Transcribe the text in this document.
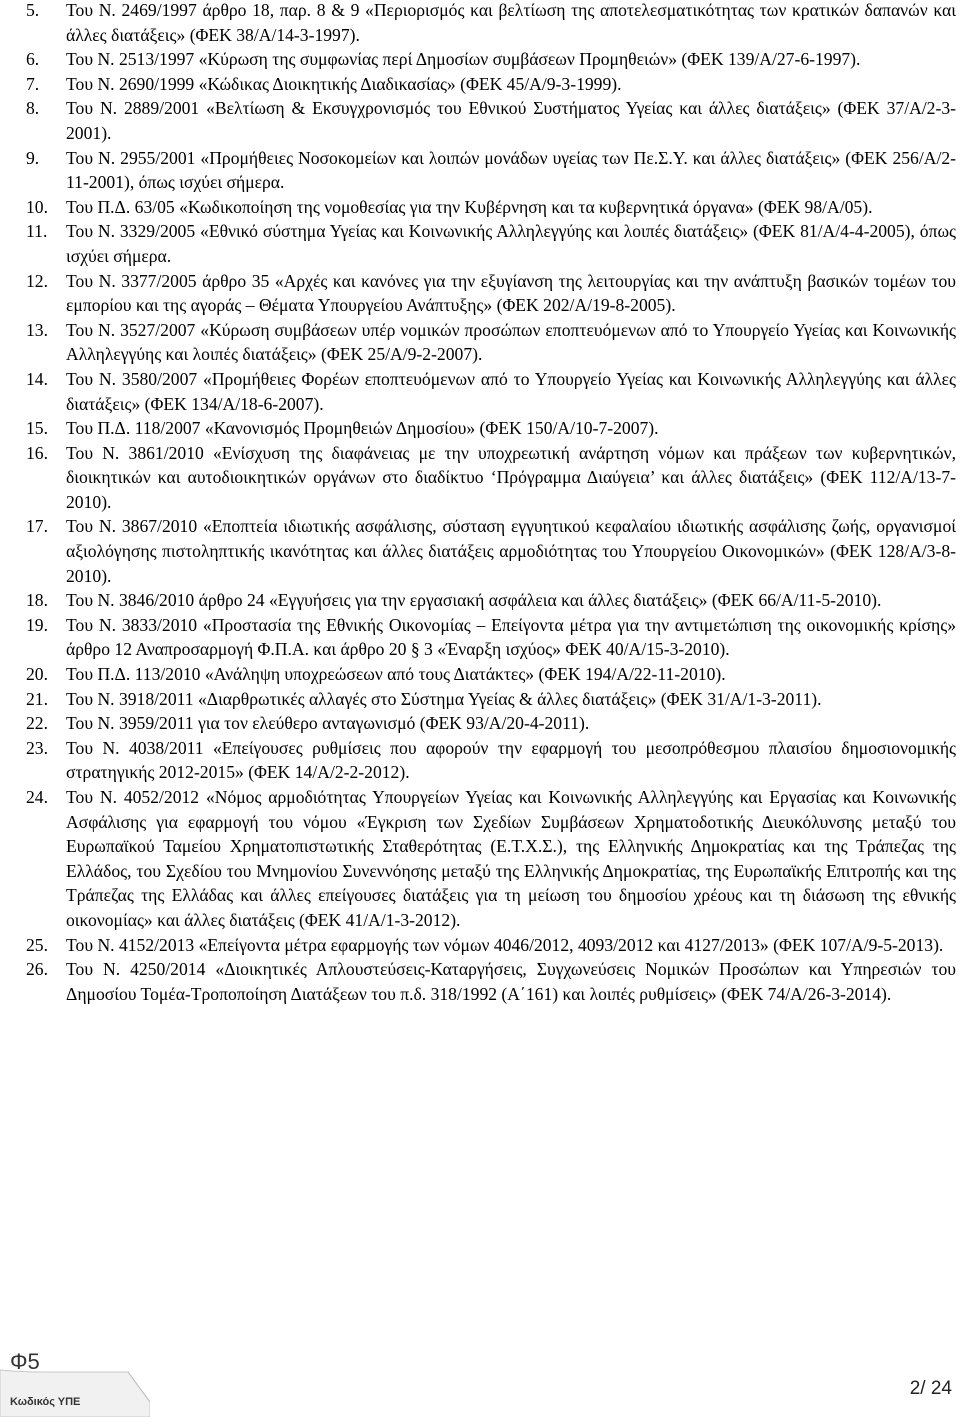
5.	Του Ν. 2469/1997 άρθρο 18, παρ. 8 & 9 «Περιορισμός και βελτίωση της αποτελεσματικότητας των κρατικών δαπανών και άλλες διατάξεις» (ΦΕΚ 38/Α/14-3-1997).
6.	Του Ν. 2513/1997 «Κύρωση της συμφωνίας περί Δημοσίων συμβάσεων Προμηθειών» (ΦΕΚ 139/Α/27-6-1997).
7.	Του Ν. 2690/1999 «Κώδικας Διοικητικής Διαδικασίας» (ΦΕΚ 45/Α/9-3-1999).
8.	Του Ν. 2889/2001 «Βελτίωση & Εκσυγχρονισμός του Εθνικού Συστήματος Υγείας και άλλες διατάξεις» (ΦΕΚ 37/Α/2-3-2001).
9.	Του Ν. 2955/2001 «Προμήθειες Νοσοκομείων και λοιπών μονάδων υγείας των Πε.Σ.Υ. και άλλες διατάξεις» (ΦΕΚ 256/Α/2-11-2001), όπως ισχύει σήμερα.
10.	Του Π.Δ. 63/05 «Κωδικοποίηση της νομοθεσίας για την Κυβέρνηση και τα κυβερνητικά όργανα» (ΦΕΚ 98/Α/05).
11.	Του Ν. 3329/2005 «Εθνικό σύστημα Υγείας και Κοινωνικής Αλληλεγγύης και λοιπές διατάξεις» (ΦΕΚ 81/Α/4-4-2005), όπως ισχύει σήμερα.
12.	Του Ν. 3377/2005 άρθρο 35 «Αρχές και κανόνες για την εξυγίανση της λειτουργίας και την ανάπτυξη βασικών τομέων του εμπορίου και της αγοράς – Θέματα Υπουργείου Ανάπτυξης» (ΦΕΚ 202/Α/19-8-2005).
13.	Του Ν. 3527/2007 «Κύρωση συμβάσεων υπέρ νομικών προσώπων εποπτευόμενων από το Υπουργείο Υγείας και Κοινωνικής Αλληλεγγύης και λοιπές διατάξεις» (ΦΕΚ 25/Α/9-2-2007).
14.	Του Ν. 3580/2007 «Προμήθειες Φορέων εποπτευόμενων από το Υπουργείο Υγείας και Κοινωνικής Αλληλεγγύης και άλλες διατάξεις» (ΦΕΚ 134/Α/18-6-2007).
15.	Του Π.Δ. 118/2007 «Κανονισμός Προμηθειών Δημοσίου» (ΦΕΚ 150/Α/10-7-2007).
16.	Του Ν. 3861/2010 «Ενίσχυση της διαφάνειας με την υποχρεωτική ανάρτηση νόμων και πράξεων των κυβερνητικών, διοικητικών και αυτοδιοικητικών οργάνων στο διαδίκτυο ‘Πρόγραμμα Διαύγεια’ και άλλες διατάξεις» (ΦΕΚ 112/Α/13-7-2010).
17.	Του Ν. 3867/2010 «Εποπτεία ιδιωτικής ασφάλισης, σύσταση εγγυητικού κεφαλαίου ιδιωτικής ασφάλισης ζωής, οργανισμοί αξιολόγησης πιστοληπτικής ικανότητας και άλλες διατάξεις αρμοδιότητας του Υπουργείου Οικονομικών» (ΦΕΚ 128/Α/3-8-2010).
18.	Του Ν. 3846/2010 άρθρο 24 «Εγγυήσεις για την εργασιακή ασφάλεια και άλλες διατάξεις» (ΦΕΚ 66/Α/11-5-2010).
19.	Του Ν. 3833/2010 «Προστασία της Εθνικής Οικονομίας – Επείγοντα μέτρα για την αντιμετώπιση της οικονομικής κρίσης» άρθρο 12 Αναπροσαρμογή Φ.Π.Α. και άρθρο 20 § 3 «Έναρξη ισχύος» ΦΕΚ 40/Α/15-3-2010).
20.	Του Π.Δ. 113/2010 «Ανάληψη υποχρεώσεων από τους Διατάκτες» (ΦΕΚ 194/Α/22-11-2010).
21.	Του Ν. 3918/2011 «Διαρθρωτικές αλλαγές στο Σύστημα Υγείας & άλλες διατάξεις» (ΦΕΚ 31/Α/1-3-2011).
22.	Του Ν. 3959/2011 για τον ελεύθερο ανταγωνισμό (ΦΕΚ 93/Α/20-4-2011).
23.	Του Ν. 4038/2011 «Επείγουσες ρυθμίσεις που αφορούν την εφαρμογή του μεσοπρόθεσμου πλαισίου δημοσιονομικής στρατηγικής 2012-2015» (ΦΕΚ 14/Α/2-2-2012).
24.	Του Ν. 4052/2012 «Νόμος αρμοδιότητας Υπουργείων Υγείας και Κοινωνικής Αλληλεγγύης και Εργασίας και Κοινωνικής Ασφάλισης για εφαρμογή του νόμου «Έγκριση των Σχεδίων Συμβάσεων Χρηματοδοτικής Διευκόλυνσης μεταξύ του Ευρωπαϊκού Ταμείου Χρηματοπιστωτικής Σταθερότητας (Ε.Τ.Χ.Σ.), της Ελληνικής Δημοκρατίας και της Τράπεζας της Ελλάδος, του Σχεδίου του Μνημονίου Συνεννόησης μεταξύ της Ελληνικής Δημοκρατίας, της Ευρωπαϊκής Επιτροπής και της Τράπεζας της Ελλάδας και άλλες επείγουσες διατάξεις για τη μείωση του δημοσίου χρέους και τη διάσωση της εθνικής οικονομίας» και άλλες διατάξεις (ΦΕΚ 41/Α/1-3-2012).
25.	Του Ν. 4152/2013 «Επείγοντα μέτρα εφαρμογής των νόμων 4046/2012, 4093/2012 και 4127/2013» (ΦΕΚ 107/Α/9-5-2013).
26.	Του Ν. 4250/2014 «Διοικητικές Απλουστεύσεις-Καταργήσεις, Συγχωνεύσεις Νομικών Προσώπων και Υπηρεσιών του Δημοσίου Τομέα-Τροποποίηση Διατάξεων του π.δ. 318/1992 (Α΄161) και λοιπές ρυθμίσεις» (ΦΕΚ 74/Α/26-3-2014).
Φ5
Κωδικός ΥΠΕ
2/ 24
